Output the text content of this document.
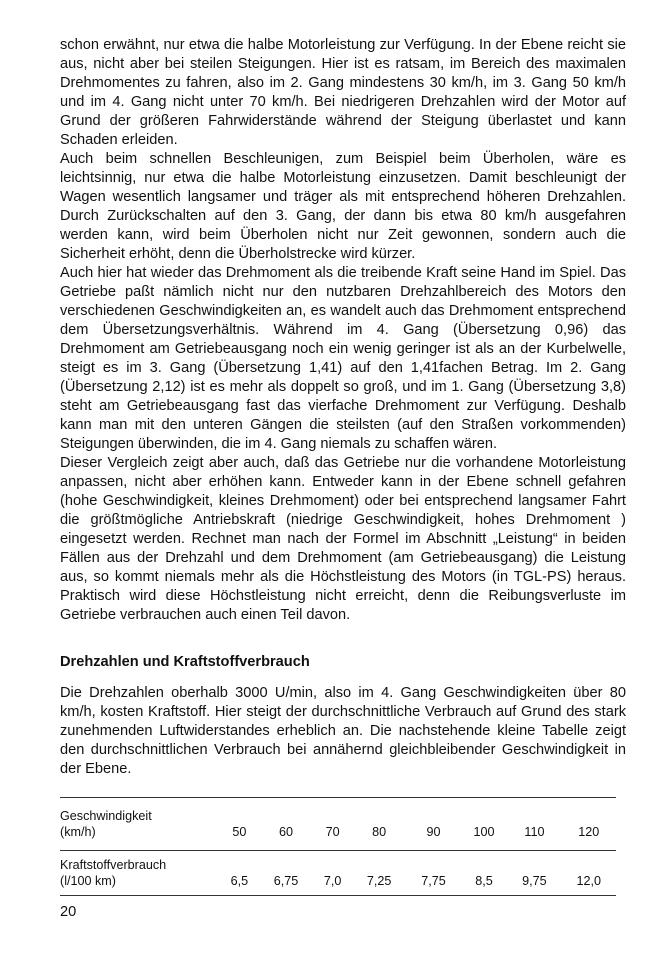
schon erwähnt, nur etwa die halbe Motorleistung zur Verfügung. In der Ebene reicht sie aus, nicht aber bei steilen Steigungen. Hier ist es ratsam, im Bereich des maximalen Drehmomentes zu fahren, also im 2. Gang mindestens 30 km/h, im 3. Gang 50 km/h und im 4. Gang nicht unter 70 km/h. Bei niedrigeren Drehzahlen wird der Motor auf Grund der größeren Fahrwiderstände während der Steigung überlastet und kann Schaden erleiden.

Auch beim schnellen Beschleunigen, zum Beispiel beim Überholen, wäre es leichtsinnig, nur etwa die halbe Motorleistung einzusetzen. Damit beschleunigt der Wagen wesentlich langsamer und träger als mit entsprechend höheren Drehzahlen. Durch Zurückschalten auf den 3. Gang, der dann bis etwa 80 km/h ausgefahren werden kann, wird beim Überholen nicht nur Zeit gewonnen, sondern auch die Sicherheit erhöht, denn die Überholstrecke wird kürzer.

Auch hier hat wieder das Drehmoment als die treibende Kraft seine Hand im Spiel. Das Getriebe paßt nämlich nicht nur den nutzbaren Drehzahlbereich des Motors den verschiedenen Geschwindigkeiten an, es wandelt auch das Drehmoment entsprechend dem Übersetzungsverhältnis. Während im 4. Gang (Übersetzung 0,96) das Drehmoment am Getriebeausgang noch ein wenig geringer ist als an der Kurbelwelle, steigt es im 3. Gang (Übersetzung 1,41) auf den 1,41fachen Betrag. Im 2. Gang (Übersetzung 2,12) ist es mehr als doppelt so groß, und im 1. Gang (Übersetzung 3,8) steht am Getriebeausgang fast das vierfache Drehmoment zur Verfügung. Deshalb kann man mit den unteren Gängen die steilsten (auf den Straßen vorkommenden) Steigungen überwinden, die im 4. Gang niemals zu schaffen wären.

Dieser Vergleich zeigt aber auch, daß das Getriebe nur die vorhandene Motorleistung anpassen, nicht aber erhöhen kann. Entweder kann in der Ebene schnell gefahren (hohe Geschwindigkeit, kleines Drehmoment) oder bei entsprechend langsamer Fahrt die größtmögliche Antriebskraft (niedrige Geschwindigkeit, hohes Drehmoment ) eingesetzt werden. Rechnet man nach der Formel im Abschnitt „Leistung“ in beiden Fällen aus der Drehzahl und dem Drehmoment (am Getriebeausgang) die Leistung aus, so kommt niemals mehr als die Höchstleistung des Motors (in TGL-PS) heraus. Praktisch wird diese Höchstleistung nicht erreicht, denn die Reibungsverluste im Getriebe verbrauchen auch einen Teil davon.

Drehzahlen und Kraftstoffverbrauch

Die Drehzahlen oberhalb 3000 U/min, also im 4. Gang Geschwindigkeiten über 80 km/h, kosten Kraftstoff. Hier steigt der durchschnittliche Verbrauch auf Grund des stark zunehmenden Luftwiderstandes erheblich an. Die nachstehende kleine Tabelle zeigt den durchschnittlichen Verbrauch bei annähernd gleichbleibender Geschwindigkeit in der Ebene.

Geschwindigkeit
(km/h)	50	60	70	80	90	100	110	120

Kraftstoffverbrauch
(l/100 km)	6,5	6,75	7,0	7,25	7,75	8,5	9,75	12,0
20
